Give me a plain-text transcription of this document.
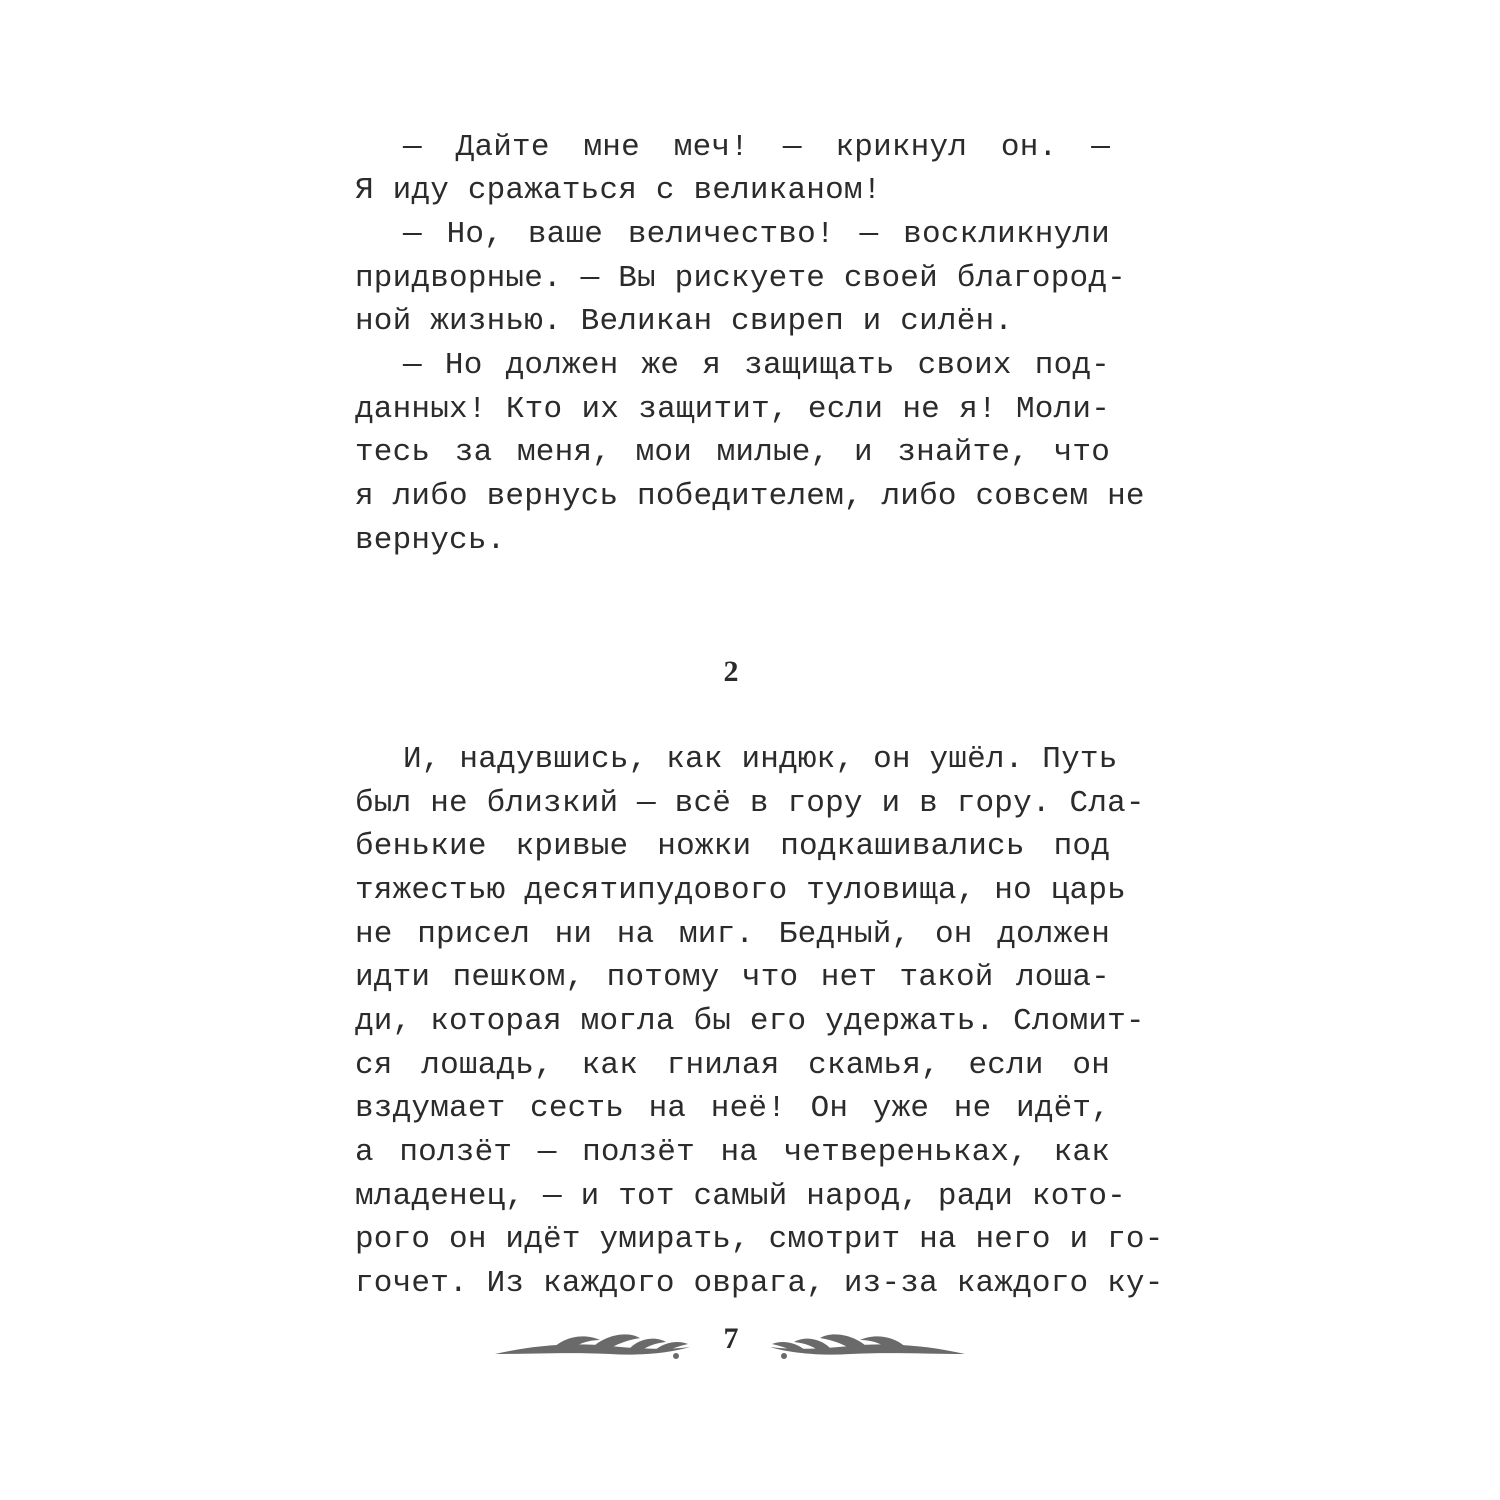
— Дайте мне меч! — крикнул он. —
Я иду сражаться с великаном!
— Но, ваше величество! — воскликнули
придворные. — Вы рискуете своей благород-
ной жизнью. Великан свиреп и силён.
— Но должен же я защищать своих под-
данных! Кто их защитит, если не я! Моли-
тесь за меня, мои милые, и знайте, что
я либо вернусь победителем, либо совсем не
вернусь.
2
И, надувшись, как индюк, он ушёл. Путь
был не близкий — всё в гору и в гору. Сла-
бенькие кривые ножки подкашивались под
тяжестью десятипудового туловища, но царь
не присел ни на миг. Бедный, он должен
идти пешком, потому что нет такой лоша-
ди, которая могла бы его удержать. Сломит-
ся лошадь, как гнилая скамья, если он
вздумает сесть на неё! Он уже не идёт,
а ползёт — ползёт на четвереньках, как
младенец, — и тот самый народ, ради кото-
рого он идёт умирать, смотрит на него и го-
гочет. Из каждого оврага, из-за каждого ку-
7
